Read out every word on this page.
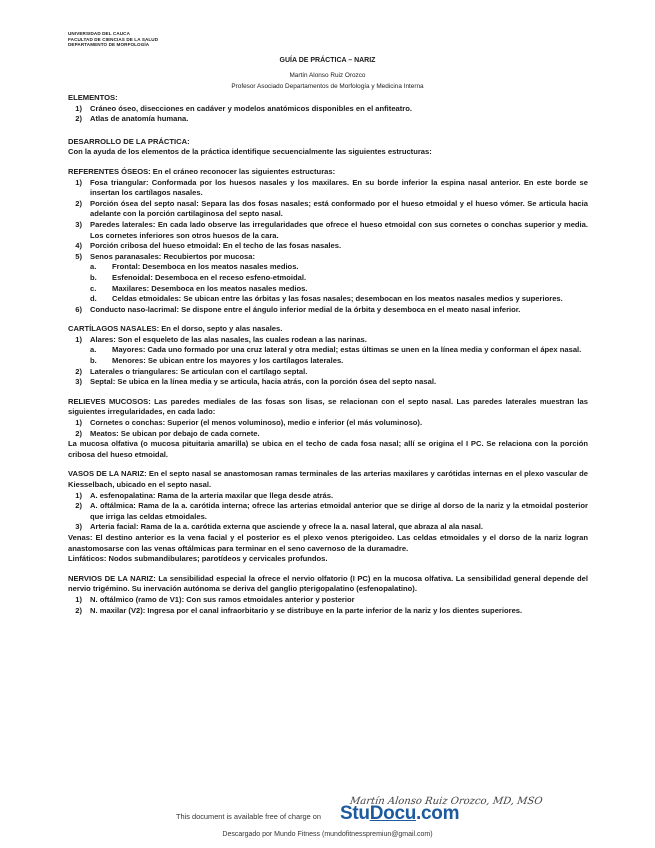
UNIVERSIDAD DEL CAUCA
FACULTAD DE CIENCIAS DE LA SALUD
DEPARTAMENTO DE MORFOLOGÍA
GUÍA DE PRÁCTICA – NARIZ
Martín Alonso Ruiz Orozco
Profesor Asociado Departamentos de Morfología y Medicina Interna

ELEMENTOS:

1) Cráneo óseo, disecciones en cadáver y modelos anatómicos disponibles en el anfiteatro.
2) Atlas de anatomía humana.

DESARROLLO DE LA PRÁCTICA:

Con la ayuda de los elementos de la práctica identifique secuencialmente las siguientes estructuras:

REFERENTES ÓSEOS: En el cráneo reconocer las siguientes estructuras:

1) Fosa triangular: Conformada por los huesos nasales y los maxilares. En su borde inferior la espina nasal anterior. En este borde se insertan los cartílagos nasales.
2) Porción ósea del septo nasal: Separa las dos fosas nasales; está conformado por el hueso etmoidal y el hueso vómer. Se articula hacia adelante con la porción cartilaginosa del septo nasal.
3) Paredes laterales: En cada lado observe las irregularidades que ofrece el hueso etmoidal con sus cornetes o conchas superior y media. Los cornetes inferiores son otros huesos de la cara.
4) Porción cribosa del hueso etmoidal: En el techo de las fosas nasales.
5) Senos paranasales: Recubiertos por mucosa:
a.	Frontal: Desemboca en los meatos nasales medios.
b.	Esfenoidal: Desemboca en el receso esfeno-etmoidal.
c.	Maxilares: Desemboca en los meatos nasales medios.
d.	Celdas etmoidales: Se ubican entre las órbitas y las fosas nasales; desembocan en los meatos nasales medios y superiores.
6) Conducto naso-lacrimal: Se dispone entre el ángulo inferior medial de la órbita y desemboca en el meato nasal inferior.

CARTÍLAGOS NASALES: En el dorso, septo y alas nasales.

1) Alares: Son el esqueleto de las alas nasales, las cuales rodean a las narinas.
a.	Mayores: Cada uno formado por una cruz lateral y otra medial; estas últimas se unen en la línea media y conforman el ápex nasal.
b.	Menores: Se ubican entre los mayores y los cartílagos laterales.
2) Laterales o triangulares: Se articulan con el cartílago septal.
3) Septal: Se ubica en la línea media y se articula, hacia atrás, con la porción ósea del septo nasal.

RELIEVES MUCOSOS: Las paredes mediales de las fosas son lisas, se relacionan con el septo nasal. Las paredes laterales muestran las siguientes irregularidades, en cada lado:

1) Cornetes o conchas: Superior (el menos voluminoso), medio e inferior (el más voluminoso).
2) Meatos: Se ubican por debajo de cada cornete.

La mucosa olfativa (o mucosa pituitaria amarilla) se ubica en el techo de cada fosa nasal; allí se origina el I PC. Se relaciona con la porción cribosa del hueso etmoidal.

VASOS DE LA NARIZ: En el septo nasal se anastomosan ramas terminales de las arterias maxilares y carótidas internas en el plexo vascular de Kiesselbach, ubicado en el septo nasal.

1) A. esfenopalatina: Rama de la arteria maxilar que llega desde atrás.
2) A. oftálmica: Rama de la a. carótida interna; ofrece las arterias etmoidal anterior que se dirige al dorso de la nariz y la etmoidal posterior que irriga las celdas etmoidales.
3) Arteria facial: Rama de la a. carótida externa que asciende y ofrece la a. nasal lateral, que abraza al ala nasal.

Venas: El destino anterior es la vena facial y el posterior es el plexo venos pterigoideo. Las celdas etmoidales y el dorso de la nariz logran anastomosarse con las venas oftálmicas para terminar en el seno cavernoso de la duramadre.

Linfáticos: Nodos submandibulares; parotídeos y cervicales profundos.

NERVIOS DE LA NARIZ: La sensibilidad especial la ofrece el nervio olfatorio (I PC) en la mucosa olfativa. La sensibilidad general depende del nervio trigémino. Su inervación autónoma se deriva del ganglio pterigopalatino (esfenopalatino).

1) N. oftálmico (ramo de V1): Con sus ramos etmoidales anterior y posterior
2) N. maxilar (V2): Ingresa por el canal infraorbitario y se distribuye en la parte inferior de la nariz y los dientes superiores.
Martín Alonso Ruiz Orozco, MD, MSO
This document is available free of charge on StuDocu.com
Descargado por Mundo Fitness (mundofitnesspremiun@gmail.com)
